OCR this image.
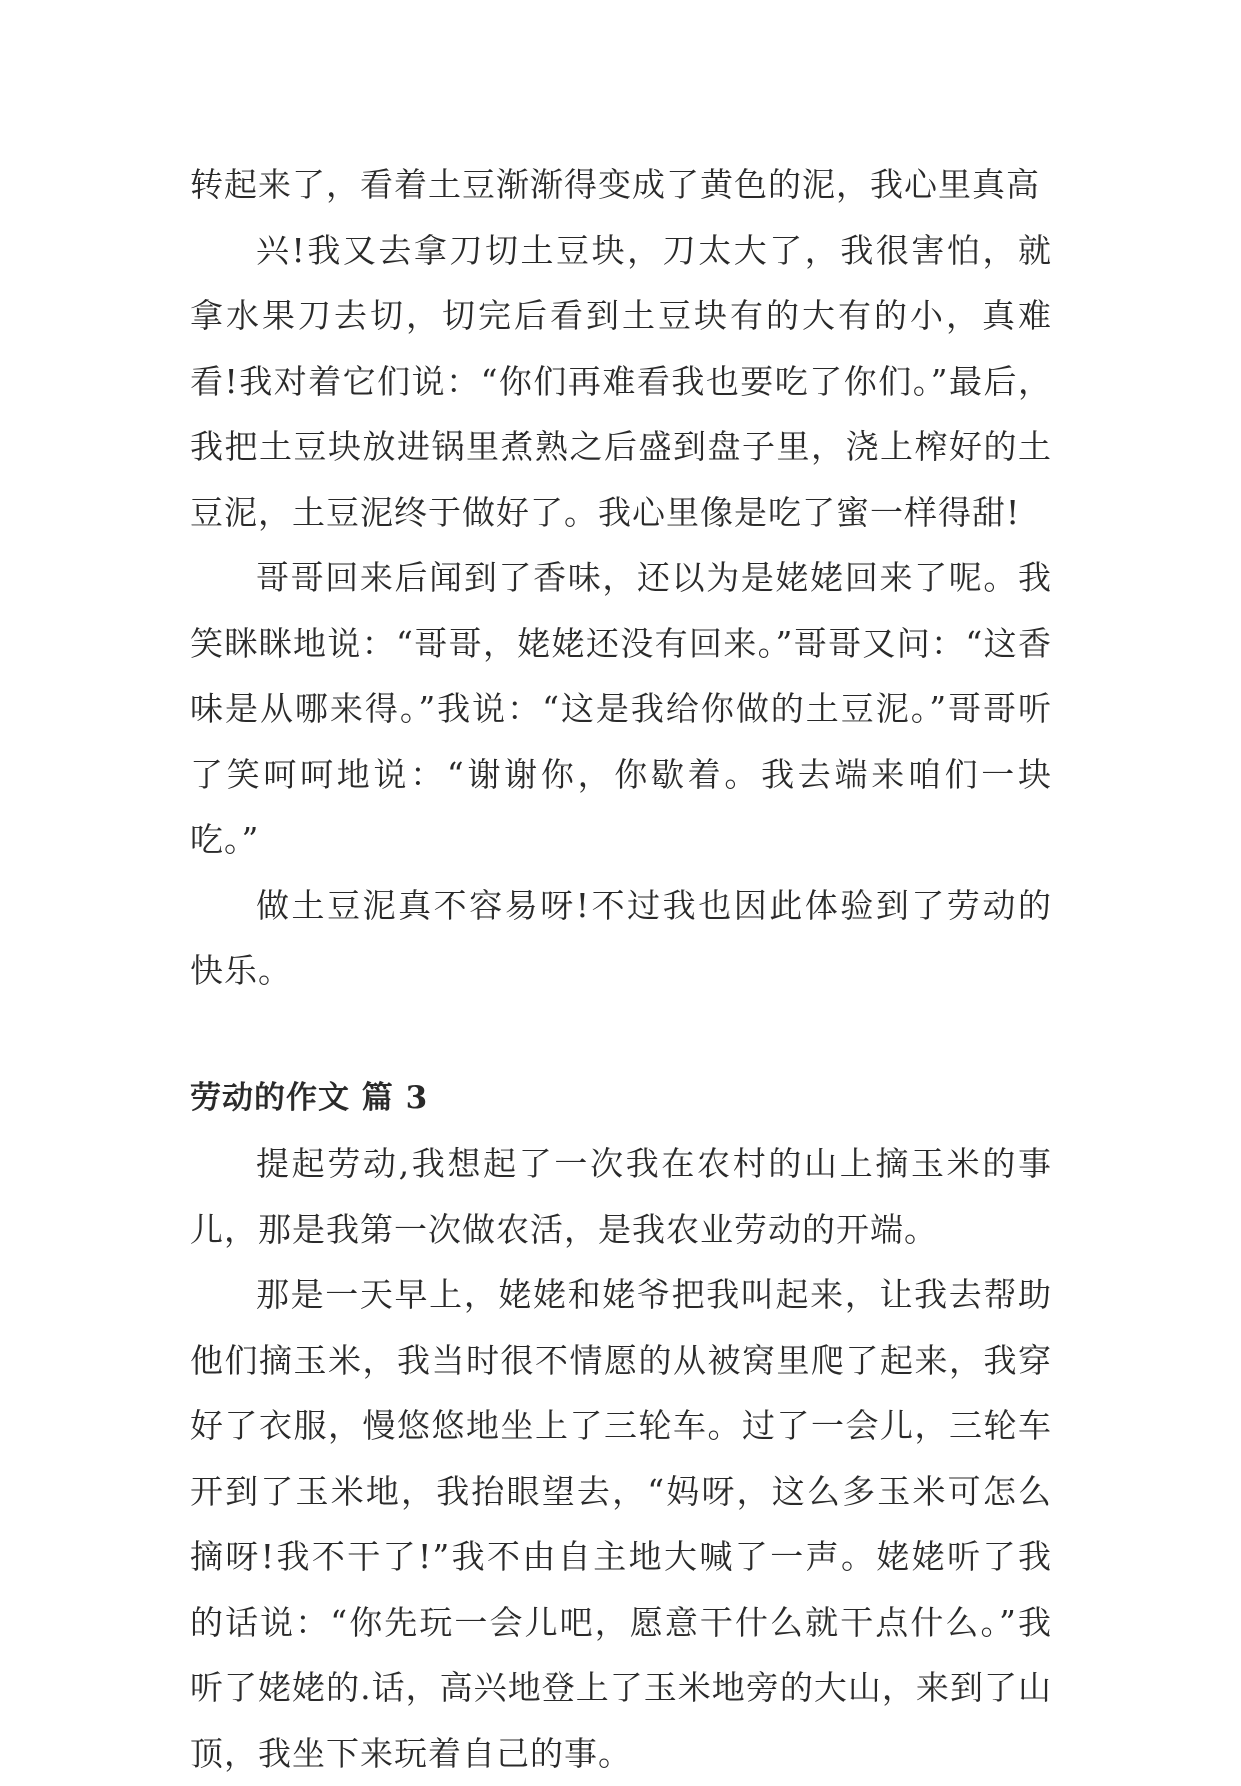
转起来了，看着土豆渐渐得变成了黄色的泥，我心里真高

兴!我又去拿刀切土豆块，刀太大了，我很害怕，就拿水果刀去切，切完后看到土豆块有的大有的小，真难看!我对着它们说：“你们再难看我也要吃了你们。”最后，我把土豆块放进锅里煮熟之后盛到盘子里，浇上榨好的土豆泥，土豆泥终于做好了。我心里像是吃了蜜一样得甜!

哥哥回来后闻到了香味，还以为是姥姥回来了呢。我笑眯眯地说：“哥哥，姥姥还没有回来。”哥哥又问：“这香味是从哪来得。”我说：“这是我给你做的土豆泥。”哥哥听了笑呵呵地说：“谢谢你，你歇着。我去端来咱们一块吃。”

做土豆泥真不容易呀!不过我也因此体验到了劳动的快乐。

劳动的作文 篇 3

提起劳动,我想起了一次我在农村的山上摘玉米的事儿，那是我第一次做农活，是我农业劳动的开端。

那是一天早上，姥姥和姥爷把我叫起来，让我去帮助他们摘玉米，我当时很不情愿的从被窝里爬了起来，我穿好了衣服，慢悠悠地坐上了三轮车。过了一会儿，三轮车开到了玉米地，我抬眼望去，“妈呀，这么多玉米可怎么摘呀!我不干了!”我不由自主地大喊了一声。姥姥听了我的话说：“你先玩一会儿吧，愿意干什么就干点什么。”我听了姥姥的.话，高兴地登上了玉米地旁的大山，来到了山顶，我坐下来玩着自己的事。
